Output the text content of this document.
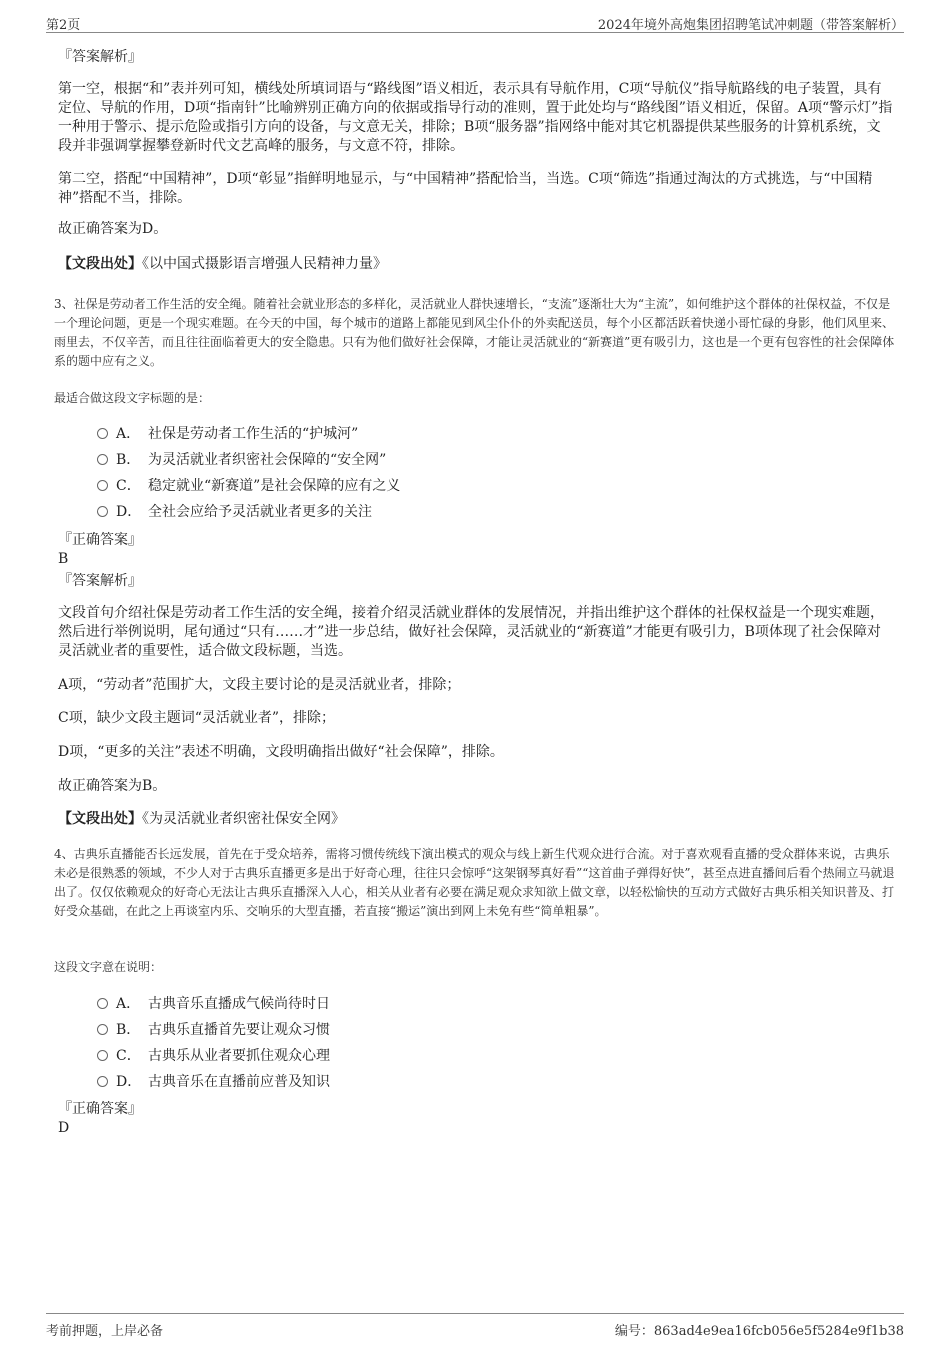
第2页	2024年境外高炮集团招聘笔试冲刺题（带答案解析）
『答案解析』

第一空，根据“和”表并列可知，横线处所填词语与“路线图”语义相近，表示具有导航作用，C项“导航仪”指导航路线的电子装置，具有定位、导航的作用，D项“指南针”比喻辨别正确方向的依据或指导行动的准则，置于此处均与“路线图”语义相近，保留。A项“警示灯”指一种用于警示、提示危险或指引方向的设备，与文意无关，排除；B项“服务器”指网络中能对其它机器提供某些服务的计算机系统，文段并非强调掌握攀登新时代文艺高峰的服务，与文意不符，排除。

第二空，搭配“中国精神”，D项“彰显”指鲜明地显示，与“中国精神”搭配恰当，当选。C项“筛选”指通过淘汰的方式挑选，与“中国精神”搭配不当，排除。

故正确答案为D。
【文段出处】《以中国式摄影语言增强人民精神力量》

3、社保是劳动者工作生活的安全绳。随着社会就业形态的多样化，灵活就业人群快速增长，“支流”逐渐壮大为“主流”，如何维护这个群体的社保权益，不仅是一个理论问题，更是一个现实难题。在今天的中国，每个城市的道路上都能见到风尘仆仆的外卖配送员，每个小区都活跃着快递小哥忙碌的身影，他们风里来、雨里去，不仅辛苦，而且往往面临着更大的安全隐患。只有为他们做好社会保障，才能让灵活就业的“新赛道”更有吸引力，这也是一个更有包容性的社会保障体系的题中应有之义。

最适合做这段文字标题的是：
A． 社保是劳动者工作生活的“护城河”
B． 为灵活就业者织密社会保障的“安全网”
C． 稳定就业“新赛道”是社会保障的应有之义
D． 全社会应给予灵活就业者更多的关注
『正确答案』
B
『答案解析』

文段首句介绍社保是劳动者工作生活的安全绳，接着介绍灵活就业群体的发展情况，并指出维护这个群体的社保权益是一个现实难题，然后进行举例说明，尾句通过“只有……才”进一步总结，做好社会保障，灵活就业的“新赛道”才能更有吸引力，B项体现了社会保障对灵活就业者的重要性，适合做文段标题，当选。

A项，“劳动者”范围扩大，文段主要讨论的是灵活就业者，排除；
C项，缺少文段主题词“灵活就业者”，排除；
D项，“更多的关注”表述不明确，文段明确指出做好“社会保障”，排除。
故正确答案为B。
【文段出处】《为灵活就业者织密社保安全网》

4、古典乐直播能否长远发展，首先在于受众培养，需将习惯传统线下演出模式的观众与线上新生代观众进行合流。对于喜欢观看直播的受众群体来说，古典乐未必是很熟悉的领域，不少人对于古典乐直播更多是出于好奇心理，往往只会惊呼“这架钢琴真好看”“这首曲子弹得好快”，甚至点进直播间后看个热闹立马就退出了。仅仅依赖观众的好奇心无法让古典乐直播深入人心，相关从业者有必要在满足观众求知欲上做文章，以轻松愉快的互动方式做好古典乐相关知识普及、打好受众基础，在此之上再谈室内乐、交响乐的大型直播，若直接“搬运”演出到网上未免有些“简单粗暴”。

这段文字意在说明：
A． 古典音乐直播成气候尚待时日
B． 古典乐直播首先要让观众习惯
C． 古典乐从业者要抓住观众心理
D． 古典音乐在直播前应普及知识
『正确答案』
D
考前押题，上岸必备	编号：863ad4e9ea16fcb056e5f5284e9f1b38
